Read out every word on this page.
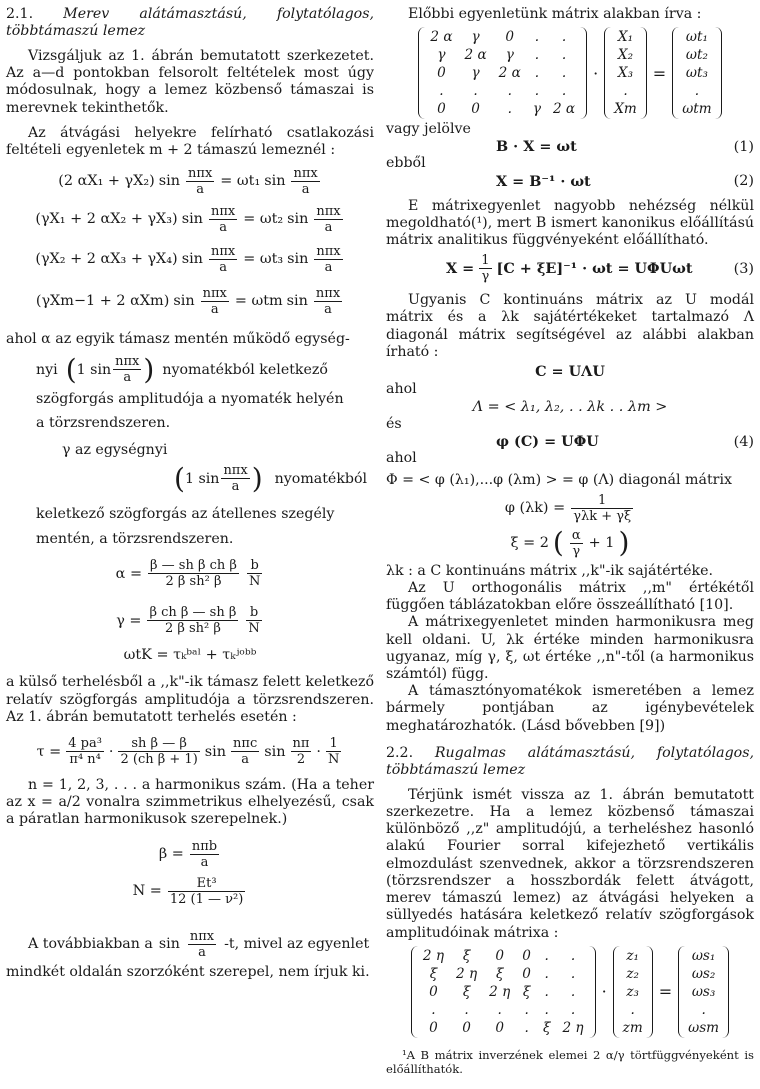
2.1. Merev alátámasztású, folytatólagos, többtámaszú lemez

Vizsgáljuk az 1. ábrán bemutatott szerkezetet. Az a—d pontokban felsorolt feltételek most úgy módosulnak, hogy a lemez közbenső támaszai is merevnek tekinthetők.

Az átvágási helyekre felírható csatlakozási feltételi egyenletek m + 2 támaszú lemeznél :

(2 αX₁ + γX₂) $\sin \frac{\text{nπx}}{a} = \omega t_1$ $\sin \frac{\text{nπx}}{a}$
(γX₁ + 2 αX₂ + γX₃) $\sin \frac{\text{nπx}}{a} = \omega t_2$ $\sin \frac{\text{nπx}}{a}$
(γX₂ + 2 αX₃ + γX₄) $\sin \frac{\text{nπx}}{a} = \omega t_3$ $\sin \frac{\text{nπx}}{a}$
(γXm−1 + 2 αXm) $\sin \frac{\text{nπx}}{a} = \omega tm$ $\sin \frac{\text{nπx}}{a}$

ahol α az egyik támasz mentén működő egység-

nyi ( 1 $\sin \frac{\text{nπx}}{a}$ ) nyomatékból keletkező

szögforgás amplitudója a nyomaték helyén

a törzsrendszeren.

γ az egységnyi

( 1 $\sin \frac{\text{nπx}}{a}$ ) nyomatékból

keletkező szögforgás az átellenes szegély

mentén, a törzsrendszeren.

$\alpha = \frac{\text{β — sh β ch β}}{\text{2 β sh² β}} \frac{b}{N}$
$\gamma = \frac{\text{β ch β — sh β}}{\text{2 β sh² β}} \frac{b}{N}$
ωtK = τₖᵇᵃˡ + τₖʲᵒᵇᵇ

a külső terhelésből a ,,k"-ik támasz felett keletkező relatív szögforgás amplitudója a törzsrendszeren. Az 1. ábrán bemutatott terhelés esetén :

$\tau = \frac{\text{4 pa³}}{\text{π⁴ n⁴}} \cdot \frac{\text{sh β — β}}{\text{2 (ch β + 1)}}$ $\sin \frac{\text{nπc}}{a}$ $\sin \frac{n\pi}{2} \cdot \frac{1}{N}$

n = 1, 2, 3, . . . a harmonikus szám. (Ha a teher az x = a/2 vonalra szimmetrikus elhelyezésű, csak a páratlan harmonikusok szerepelnek.)

$\beta = \frac{\text{nπb}}{a}$
$N = \frac{\text{Et³}}{\text{12 (1 — ν²)}}$
A továbbiakban a $\sin \frac{\text{nπx}}{a} -t$, mivel az egyenlet

mindkét oldalán szorzóként szerepel, nem írjuk ki.

Előbbi egyenletünk mátrix alakban írva :

2 α	γ	0	.	.
γ	2 α	γ	.	.
0	γ	2 α	.	.
.	.	.	.	.
0	0	.	γ	2 α
·
X₁
X₂
X₃
.
Xm
=
ωt₁
ωt₂
ωt₃
.
ωtm

vagy jelölve

B · X = ωt	(1)

ebből

X = B⁻¹ · ωt	(2)

E mátrixegyenlet nagyobb nehézség nélkül megoldható(¹), mert B ismert kanonikus előállítású mátrix analitikus függvényeként előállítható.

$X = \frac{1}{\gamma} [C + \xi E]^{-1} \cdot \omega t = U\Phi U\omega t$	(3)

Ugyanis C kontinuáns mátrix az U modál mátrix és a λk sajátértékeket tartalmazó Λ diagonál mátrix segítségével az alábbi alakban írható :

C = UΛU

ahol

Λ = < λ₁, λ₂, . . λk . . λm >

és

φ (C) = UΦU	(4)

ahol

Φ = < φ (λ₁),...φ (λm) > = φ (Λ) diagonál mátrix

φ $(\lambda k) = \frac{1}{\text{γλk + γξ}}$
ξ = 2 ( $\frac{\alpha}{\gamma} + 1$ )

λk : a C kontinuáns mátrix ,,k"-ik sajátértéke.

Az U orthogonális mátrix ,,m" értékétől függően táblázatokban előre összeállítható [10].

A mátrixegyenletet minden harmonikusra meg kell oldani. U, λk értéke minden harmonikusra ugyanaz, míg γ, ξ, ωt értéke ,,n"-től (a harmonikus számtól) függ.

A támasztónyomatékok ismeretében a lemez bármely pontjában az igénybevételek meghatározhatók. (Lásd bővebben [9])

2.2. Rugalmas alátámasztású, folytatólagos, többtámaszú lemez

Térjünk ismét vissza az 1. ábrán bemutatott szerkezetre. Ha a lemez közbenső támaszai különböző ,,z" amplitudójú, a terheléshez hasonló alakú Fourier sorral kifejezhető vertikális elmozdulást szenvednek, akkor a törzsrendszeren (törzsrendszer a hosszbordák felett átvágott, merev támaszú lemez) az átvágási helyeken a süllyedés hatására keletkező relatív szögforgások amplitudóinak mátrixa :

2 η	ξ	0	0	.	.
ξ	2 η	ξ	0	.	.
0	ξ	2 η	ξ	.	.
.	.	.	.	.	.
0	0	0	.	ξ	2 η
·
z₁
z₂
z₃
.
zm
=
ωs₁
ωs₂
ωs₃
.
ωsm

¹A B mátrix inverzének elemei 2 α/γ törtfüggvényeként is előállíthatók.
